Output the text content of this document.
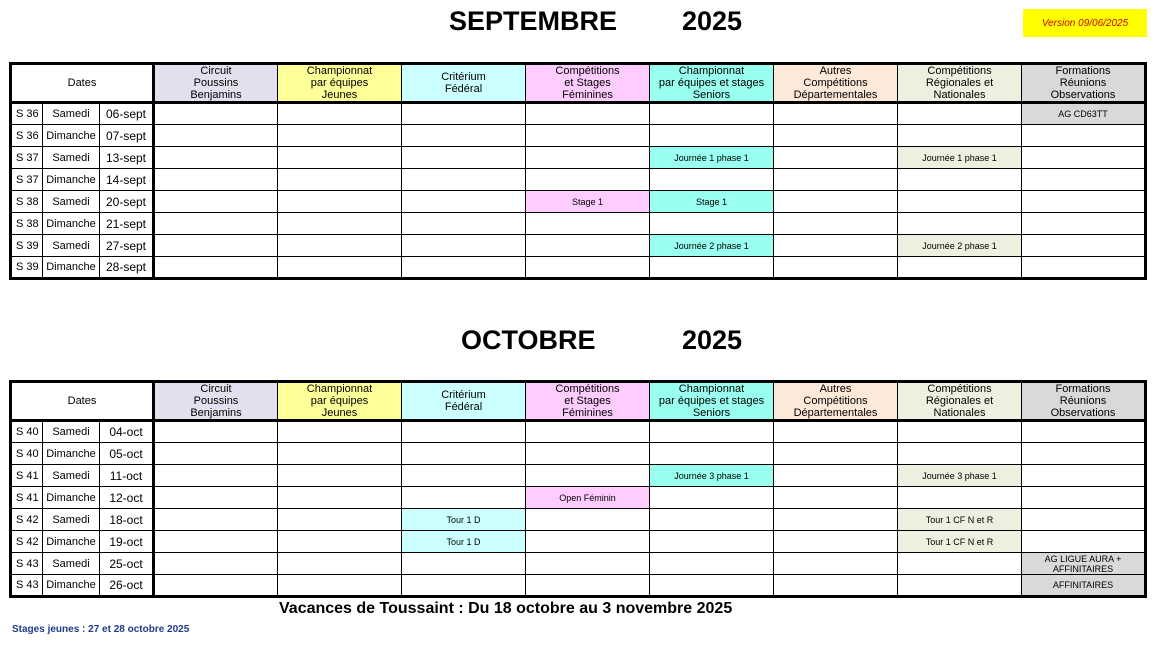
Version 09/06/2025
SEPTEMBRE 2025
Dates			Circuit
Poussins
Benjamins	Championnat
par équipes
Jeunes	Critérium
Fédéral	Compétitions
et Stages
Féminines	Championnat
par équipes et stages
Seniors	Autres
Compétitions
Départementales	Compétitions
Régionales et
Nationales	Formations
Réunions
Observations
S 36	Samedi	06-sept								AG CD63TT
S 36	Dimanche	07-sept								
S 37	Samedi	13-sept					Journée 1 phase 1		Journée 1 phase 1	
S 37	Dimanche	14-sept								
S 38	Samedi	20-sept				Stage 1	Stage 1			
S 38	Dimanche	21-sept								
S 39	Samedi	27-sept					Journée 2 phase 1		Journée 2 phase 1	
S 39	Dimanche	28-sept								
OCTOBRE	2025
Dates			Circuit
Poussins
Benjamins	Championnat
par équipes
Jeunes	Critérium
Fédéral	Compétitions
et Stages
Féminines	Championnat
par équipes et stages
Seniors	Autres
Compétitions
Départementales	Compétitions
Régionales et
Nationales	Formations
Réunions
Observations
S 40	Samedi	04-oct								
S 40	Dimanche	05-oct								
S 41	Samedi	11-oct					Journée 3 phase 1		Journée 3 phase 1	
S 41	Dimanche	12-oct				Open Féminin				
S 42	Samedi	18-oct			Tour 1 D				Tour 1 CF N et R	
S 42	Dimanche	19-oct			Tour 1 D				Tour 1 CF N et R	
S 43	Samedi	25-oct								AG LIGUE AURA + AFFINITAIRES
S 43	Dimanche	26-oct								AFFINITAIRES
Vacances de Toussaint : Du 18 octobre au 3 novembre 2025
Stages jeunes : 27 et 28 octobre 2025
